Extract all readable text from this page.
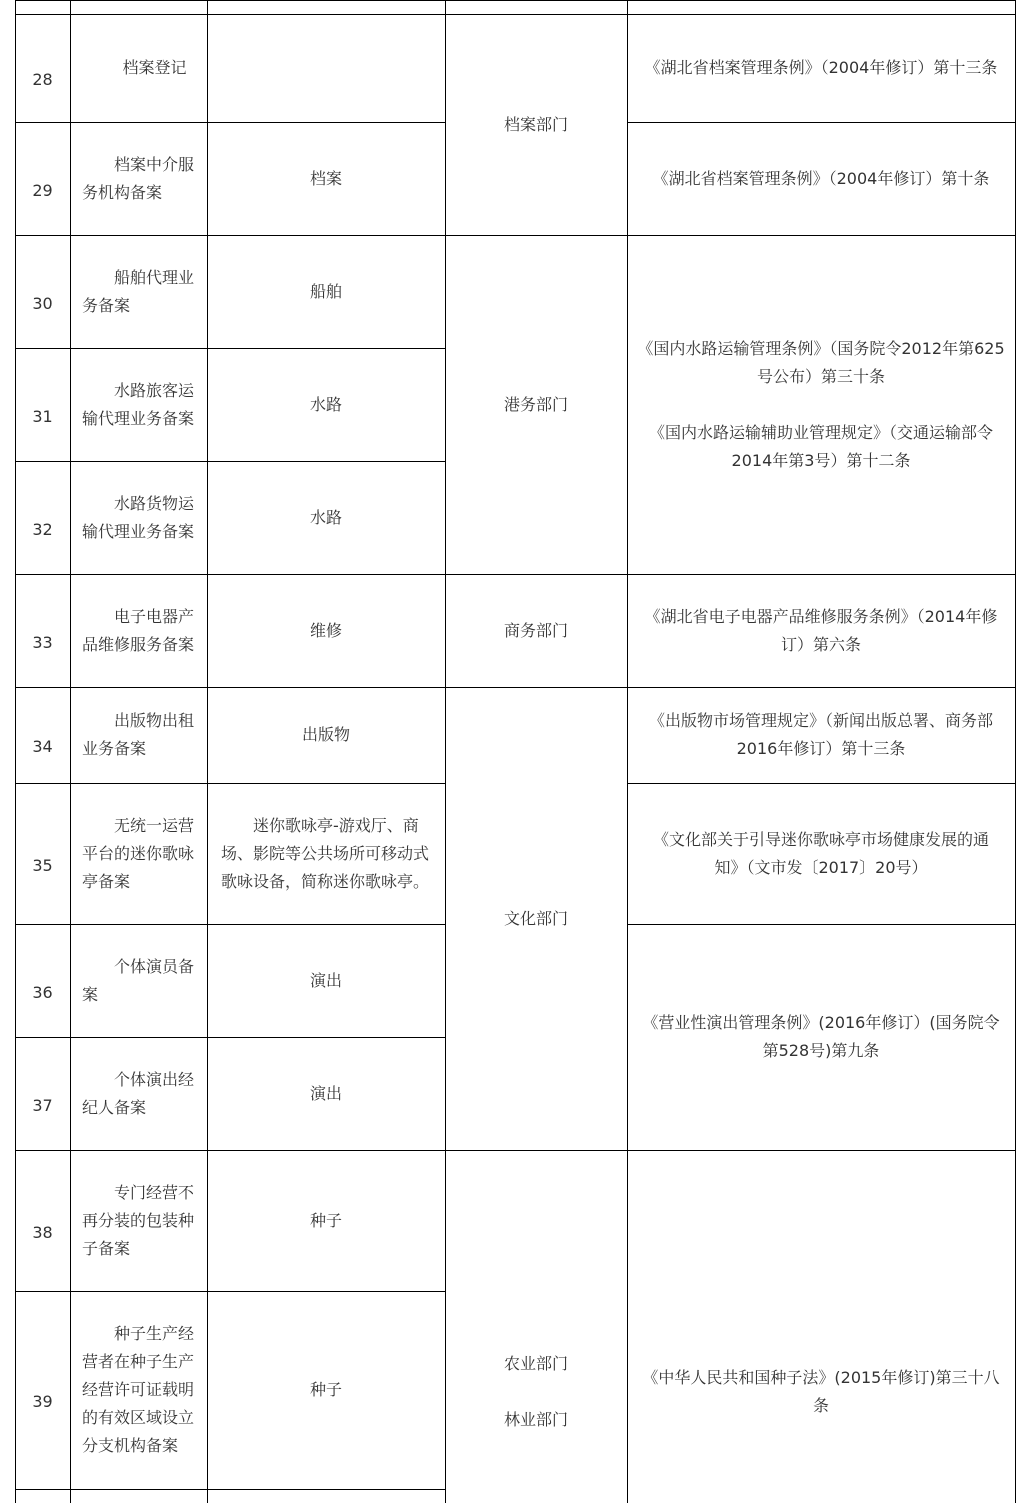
28
档案登记
29
档案中介服务机构备案
档案
30
船舶代理业务备案
船舶
31
水路旅客运输代理业务备案
水路
32
水路货物运输代理业务备案
水路
33
电子电器产品维修服务备案
维修
34
出版物出租业务备案
出版物
35
无统一运营平台的迷你歌咏亭备案
迷你歌咏亭-游戏厅、商场、影院等公共场所可移动式歌咏设备，简称迷你歌咏亭。
36
个体演员备案
演出
37
个体演出经纪人备案
演出
38
专门经营不再分装的包装种子备案
种子
39
种子生产经营者在种子生产经营许可证载明的有效区域设立分支机构备案
种子
档案部门
港务部门
商务部门
文化部门
农业部门
林业部门
《湖北省档案管理条例》（2004年修订）第十三条
《湖北省档案管理条例》（2004年修订）第十条
《国内水路运输管理条例》（国务院令2012年第625号公布）第三十条
《国内水路运输辅助业管理规定》（交通运输部令2014年第3号）第十二条
《湖北省电子电器产品维修服务条例》（2014年修订）第六条
《出版物市场管理规定》（新闻出版总署、商务部2016年修订）第十三条
《文化部关于引导迷你歌咏亭市场健康发展的通知》（文市发〔2017〕20号）
《营业性演出管理条例》(2016年修订）(国务院令第528号)第九条
《中华人民共和国种子法》(2015年修订)第三十八条
